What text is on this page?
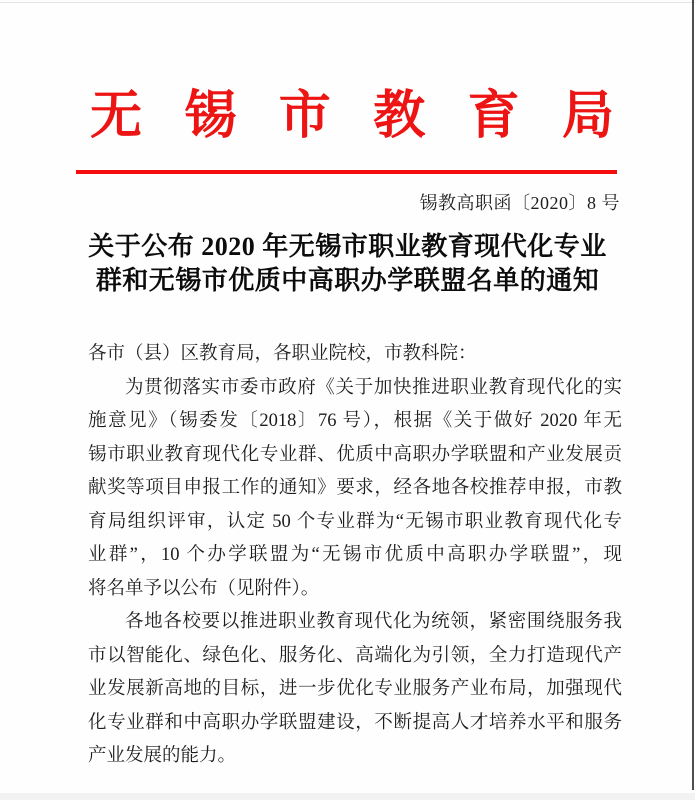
无锡市教育局
锡教高职函〔2020〕8 号
关于公布 2020 年无锡市职业教育现代化专业
群和无锡市优质中高职办学联盟名单的通知
各市（县）区教育局，各职业院校，市教科院：
为贯彻落实市委市政府《关于加快推进职业教育现代化的实
施意见》（锡委发〔2018〕76 号），根据《关于做好 2020 年无
锡市职业教育现代化专业群、优质中高职办学联盟和产业发展贡
献奖等项目申报工作的通知》要求，经各地各校推荐申报，市教
育局组织评审，认定 50 个专业群为“无锡市职业教育现代化专
业群”，10 个办学联盟为“无锡市优质中高职办学联盟”，现
将名单予以公布（见附件）。
各地各校要以推进职业教育现代化为统领，紧密围绕服务我
市以智能化、绿色化、服务化、高端化为引领，全力打造现代产
业发展新高地的目标，进一步优化专业服务产业布局，加强现代
化专业群和中高职办学联盟建设，不断提高人才培养水平和服务
产业发展的能力。
